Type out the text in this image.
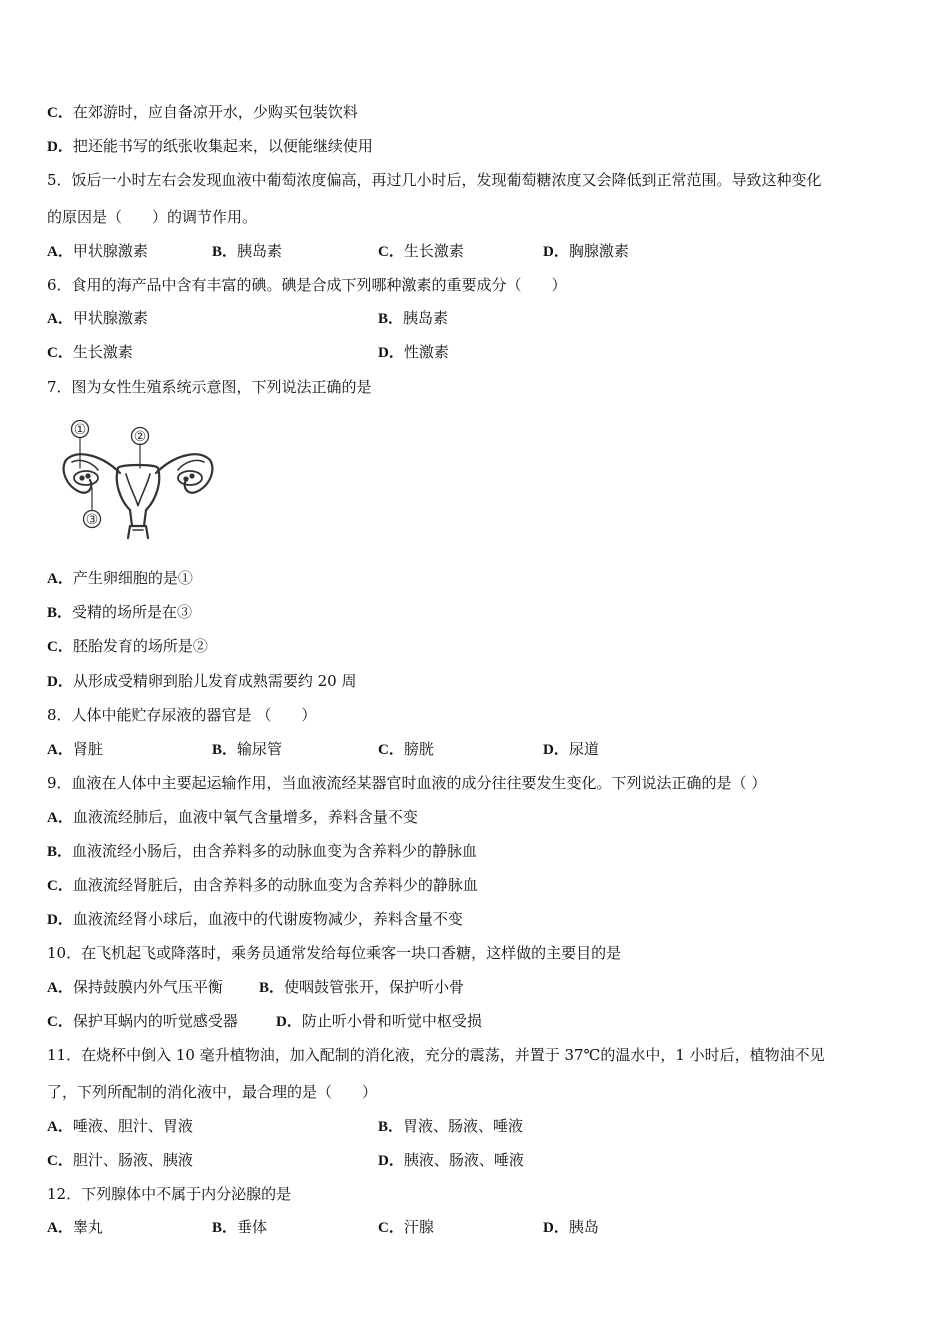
C．在郊游时，应自备凉开水，少购买包装饮料
D．把还能书写的纸张收集起来，以便能继续使用
5．饭后一小时左右会发现血液中葡萄浓度偏高，再过几小时后，发现葡萄糖浓度又会降低到正常范围。导致这种变化
的原因是（　　）的调节作用。
A．甲状腺激素	B．胰岛素	C．生长激素	D．胸腺激素
6．食用的海产品中含有丰富的碘。碘是合成下列哪种激素的重要成分（　　）
A．甲状腺激素	B．胰岛素
C．生长激素	D．性激素
7．图为女性生殖系统示意图，下列说法正确的是
①	②
③
A．产生卵细胞的是①
B．受精的场所是在③
C．胚胎发育的场所是②
D．从形成受精卵到胎儿发育成熟需要约 20 周
8．人体中能贮存尿液的器官是 （　　）
A．肾脏	B．输尿管	C．膀胱	D．尿道
9．血液在人体中主要起运输作用，当血液流经某器官时血液的成分往往要发生变化。下列说法正确的是（ ）
A．血液流经肺后，血液中氧气含量增多，养料含量不变
B．血液流经小肠后，由含养料多的动脉血变为含养料少的静脉血
C．血液流经肾脏后，由含养料多的动脉血变为含养料少的静脉血
D．血液流经肾小球后，血液中的代谢废物减少，养料含量不变
10．在飞机起飞或降落时，乘务员通常发给每位乘客一块口香糖，这样做的主要目的是
A．保持鼓膜内外气压平衡 B．使咽鼓管张开，保护听小骨
C．保护耳蜗内的听觉感受器	D．防止听小骨和听觉中枢受损
11．在烧杯中倒入 10 毫升植物油，加入配制的消化液，充分的震荡，并置于 37℃的温水中，1 小时后，植物油不见
了，下列所配制的消化液中，最合理的是（　　）
A．唾液、胆汁、胃液	B．胃液、肠液、唾液
C．胆汁、肠液、胰液	D．胰液、肠液、唾液
12．下列腺体中不属于内分泌腺的是
A．睾丸	B．垂体	C．汗腺	D．胰岛
